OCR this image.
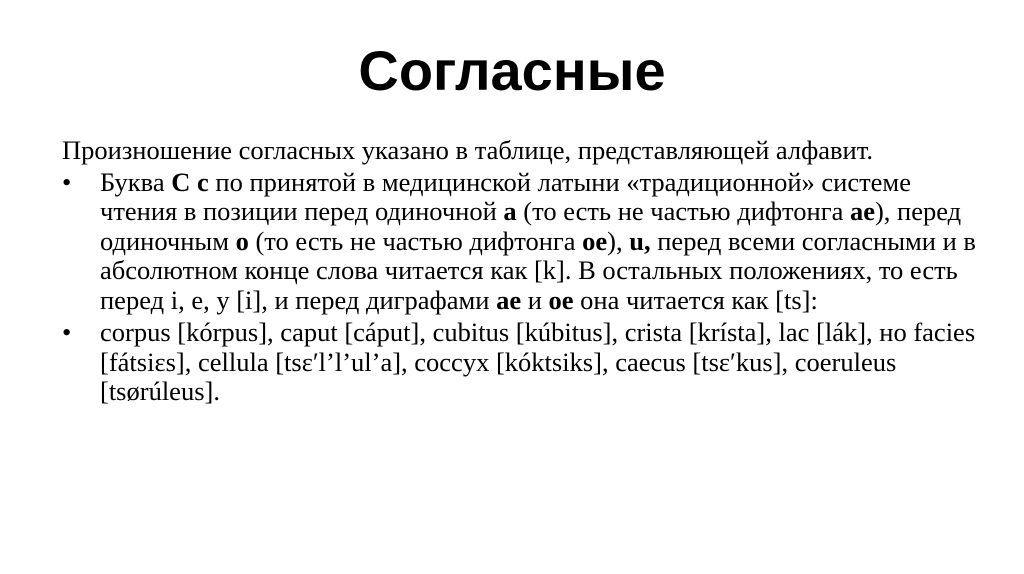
Согласные

Произношение согласных указано в таблице, представляющей алфавит.

• Буква C c по принятой в медицинской латыни «традиционной» системе чтения в позиции перед одиночной a (то есть не частью дифтонга ae), перед одиночным o (то есть не частью дифтонга oe), u, перед всеми согласными и в абсолютном конце слова читается как [k]. В остальных положениях, то есть перед i, e, y [i], и перед диграфами ae и oe она читается как [ts]:
• corpus [kórpus], caput [cáput], cubitus [kúbitus], crista [krísta], lac [lák], но facies [fátsiɛs], cellula [tsɛ′l’l’ul’a], coccyx [kóktsiks], caecus [tsɛ′kus], coeruleus [tsørúleus].
